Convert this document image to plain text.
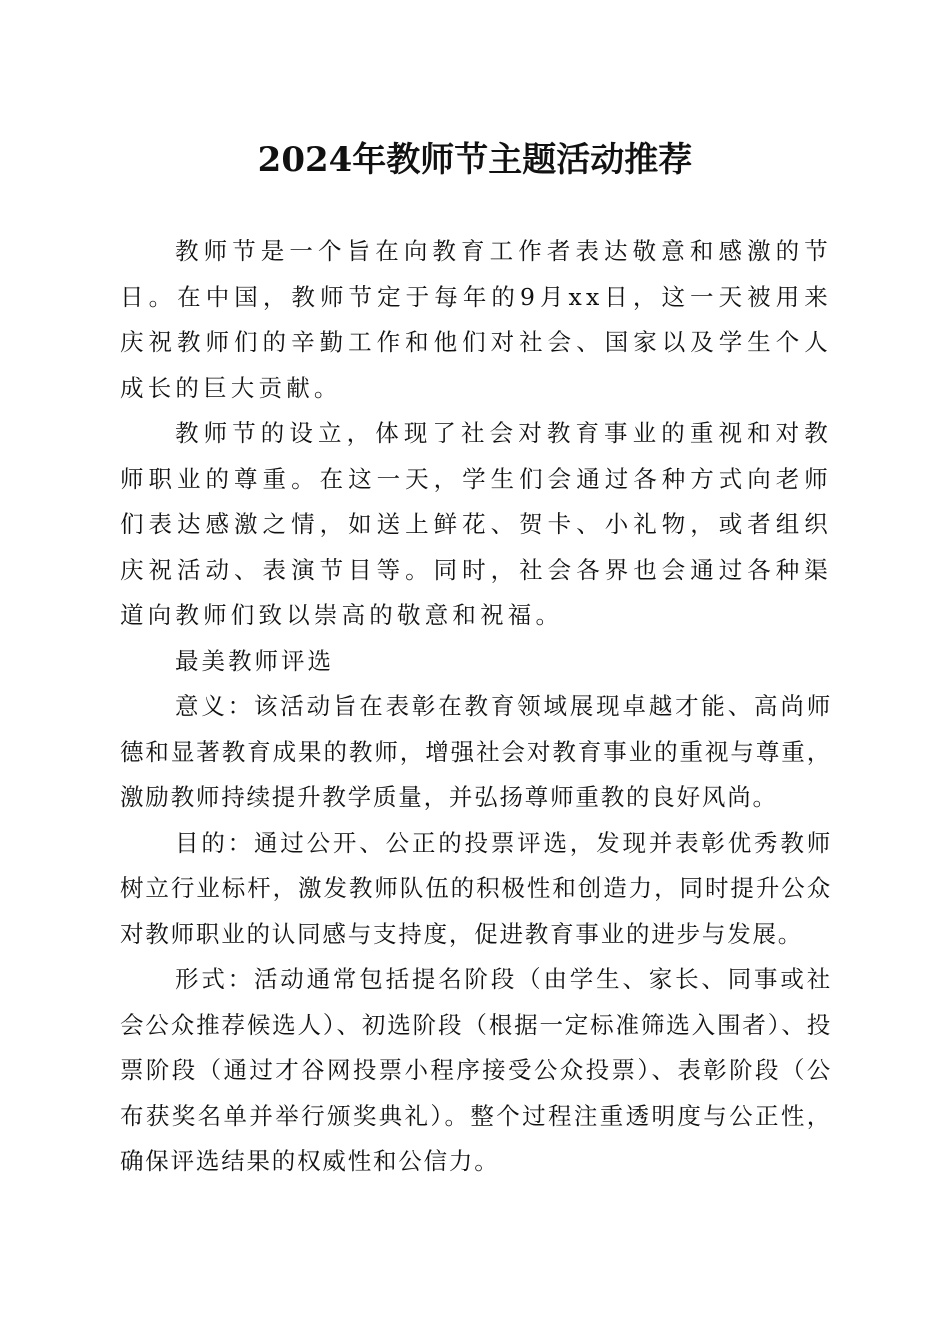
2024年教师节主题活动推荐

教师节是一个旨在向教育工作者表达敬意和感激的节日。在中国，教师节定于每年的9月xx日，这一天被用来庆祝教师们的辛勤工作和他们对社会、国家以及学生个人成长的巨大贡献。

教师节的设立，体现了社会对教育事业的重视和对教师职业的尊重。在这一天，学生们会通过各种方式向老师们表达感激之情，如送上鲜花、贺卡、小礼物，或者组织庆祝活动、表演节目等。同时，社会各界也会通过各种渠道向教师们致以崇高的敬意和祝福。

最美教师评选

意义：该活动旨在表彰在教育领域展现卓越才能、高尚师德和显著教育成果的教师，增强社会对教育事业的重视与尊重，激励教师持续提升教学质量，并弘扬尊师重教的良好风尚。

目的：通过公开、公正的投票评选，发现并表彰优秀教师树立行业标杆，激发教师队伍的积极性和创造力，同时提升公众对教师职业的认同感与支持度，促进教育事业的进步与发展。

形式：活动通常包括提名阶段（由学生、家长、同事或社会公众推荐候选人）、初选阶段（根据一定标准筛选入围者）、投票阶段（通过才谷网投票小程序接受公众投票）、表彰阶段（公布获奖名单并举行颁奖典礼）。整个过程注重透明度与公正性，确保评选结果的权威性和公信力。
